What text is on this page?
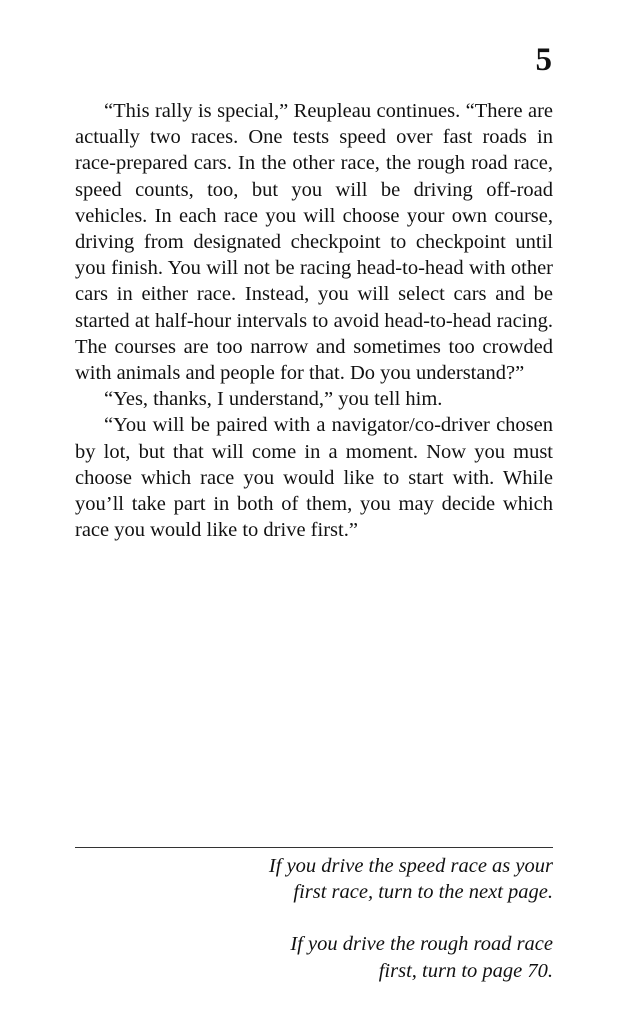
5

“This rally is special,” Reupleau continues. “There are actually two races. One tests speed over fast roads in race-prepared cars. In the other race, the rough road race, speed counts, too, but you will be driving off-road vehicles. In each race you will choose your own course, driving from designated checkpoint to checkpoint until you finish. You will not be racing head-to-head with other cars in either race. Instead, you will select cars and be started at half-hour intervals to avoid head-to-head racing. The courses are too narrow and sometimes too crowded with animals and people for that. Do you understand?”

“Yes, thanks, I understand,” you tell him.

“You will be paired with a navigator/co-driver chosen by lot, but that will come in a moment. Now you must choose which race you would like to start with. While you’ll take part in both of them, you may decide which race you would like to drive first.”

If you drive the speed race as your
first race, turn to the next page.
If you drive the rough road race
first, turn to page 70.
